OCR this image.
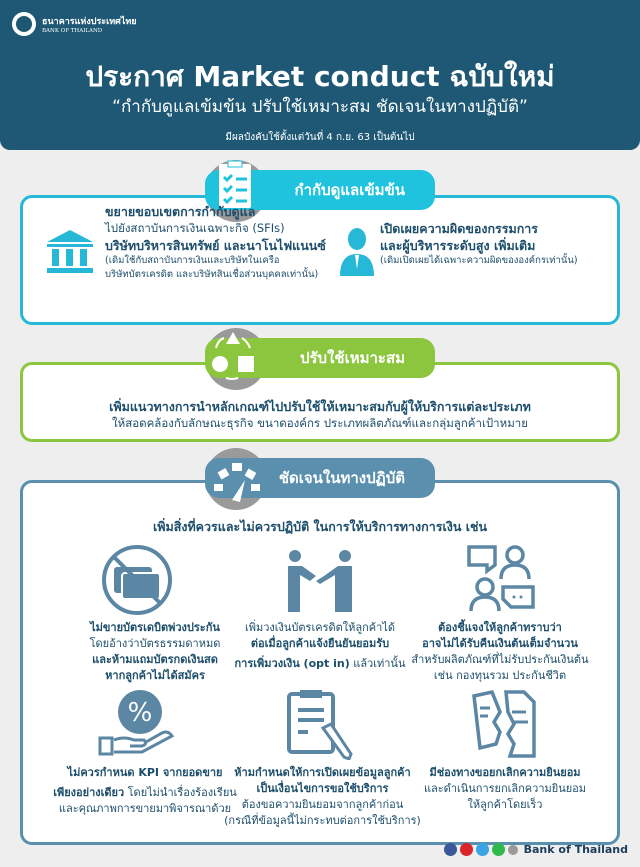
ธนาคารแห่งประเทศไทย
BANK OF THAILAND
ประกาศ Market conduct ฉบับใหม่
“กำกับดูแลเข้มข้น ปรับใช้เหมาะสม ชัดเจนในทางปฏิบัติ”
มีผลบังคับใช้ตั้งแต่วันที่ 4 ก.ย. 63 เป็นต้นไป
กำกับดูแลเข้มข้น
ขยายขอบเขตการกำกับดูแล
ไปยังสถาบันการเงินเฉพาะกิจ (SFIs)
บริษัทบริหารสินทรัพย์ และนาโนไฟแนนซ์
(เดิมใช้กับสถาบันการเงินและบริษัทในเครือ
บริษัทบัตรเครดิต และบริษัทสินเชื่อส่วนบุคคลเท่านั้น)
เปิดเผยความผิดของกรรมการ
และผู้บริหารระดับสูง เพิ่มเติม
(เดิมเปิดเผยได้เฉพาะความผิดขององค์กรเท่านั้น)
ปรับใช้เหมาะสม
เพิ่มแนวทางการนำหลักเกณฑ์ไปปรับใช้ให้เหมาะสมกับผู้ให้บริการแต่ละประเภท
ให้สอดคล้องกับลักษณะธุรกิจ ขนาดองค์กร ประเภทผลิตภัณฑ์และกลุ่มลูกค้าเป้าหมาย
ชัดเจนในทางปฏิบัติ
เพิ่มสิ่งที่ควรและไม่ควรปฏิบัติ ในการให้บริการทางการเงิน เช่น
ไม่ขายบัตรเดบิตพ่วงประกัน
โดยอ้างว่าบัตรธรรมดาหมด
และห้ามแถมบัตรกดเงินสด
หากลูกค้าไม่ได้สมัคร
เพิ่มวงเงินบัตรเครดิตให้ลูกค้าได้
ต่อเมื่อลูกค้าแจ้งยืนยันยอมรับ
การเพิ่มวงเงิน (opt in) แล้วเท่านั้น
ต้องชี้แจงให้ลูกค้าทราบว่า
อาจไม่ได้รับคืนเงินต้นเต็มจำนวน
สำหรับผลิตภัณฑ์ที่ไม่รับประกันเงินต้น
เช่น กองทุนรวม ประกันชีวิต
%
ไม่ควรกำหนด KPI จากยอดขาย
เพียงอย่างเดียว โดยไม่นำเรื่องร้องเรียน
และคุณภาพการขายมาพิจารณาด้วย
ห้ามกำหนดให้การเปิดเผยข้อมูลลูกค้า
เป็นเงื่อนไขการขอใช้บริการ
ต้องขอความยินยอมจากลูกค้าก่อน
(กรณีที่ข้อมูลนี้ไม่กระทบต่อการใช้บริการ)
มีช่องทางขอยกเลิกความยินยอม
และดำเนินการยกเลิกความยินยอม
ให้ลูกค้าโดยเร็ว
Bank of Thailand
